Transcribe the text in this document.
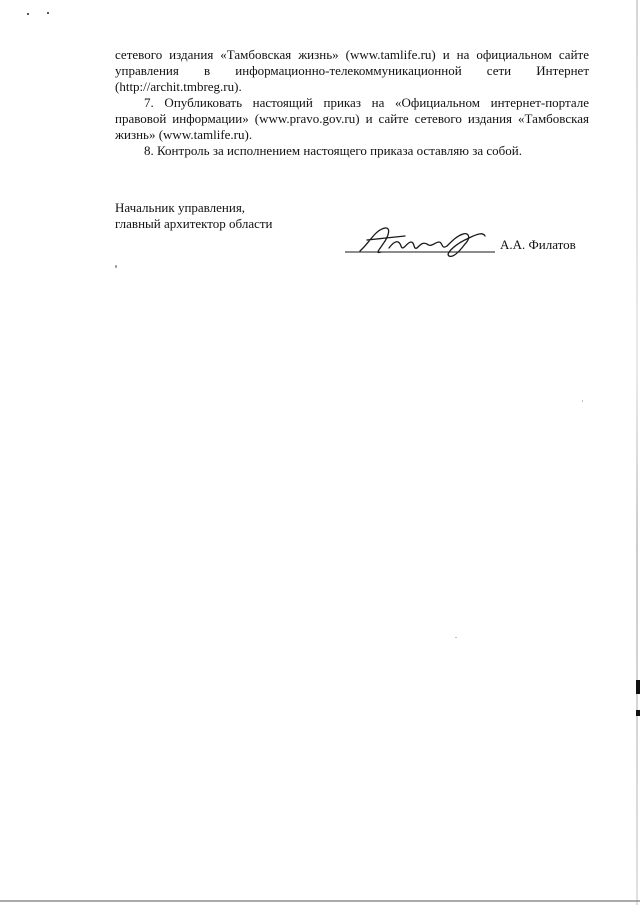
сетевого издания «Тамбовская жизнь» (www.tamlife.ru) и на официальном сайте управления в информационно-телекоммуникационной сети Интернет (http://archit.tmbreg.ru).

7. Опубликовать настоящий приказ на «Официальном интернет-портале правовой информации» (www.pravo.gov.ru) и сайте сетевого издания «Тамбовская жизнь» (www.tamlife.ru).

8. Контроль за исполнением настоящего приказа оставляю за собой.

Начальник управления,
главный архитектор области
А.А. Филатов
